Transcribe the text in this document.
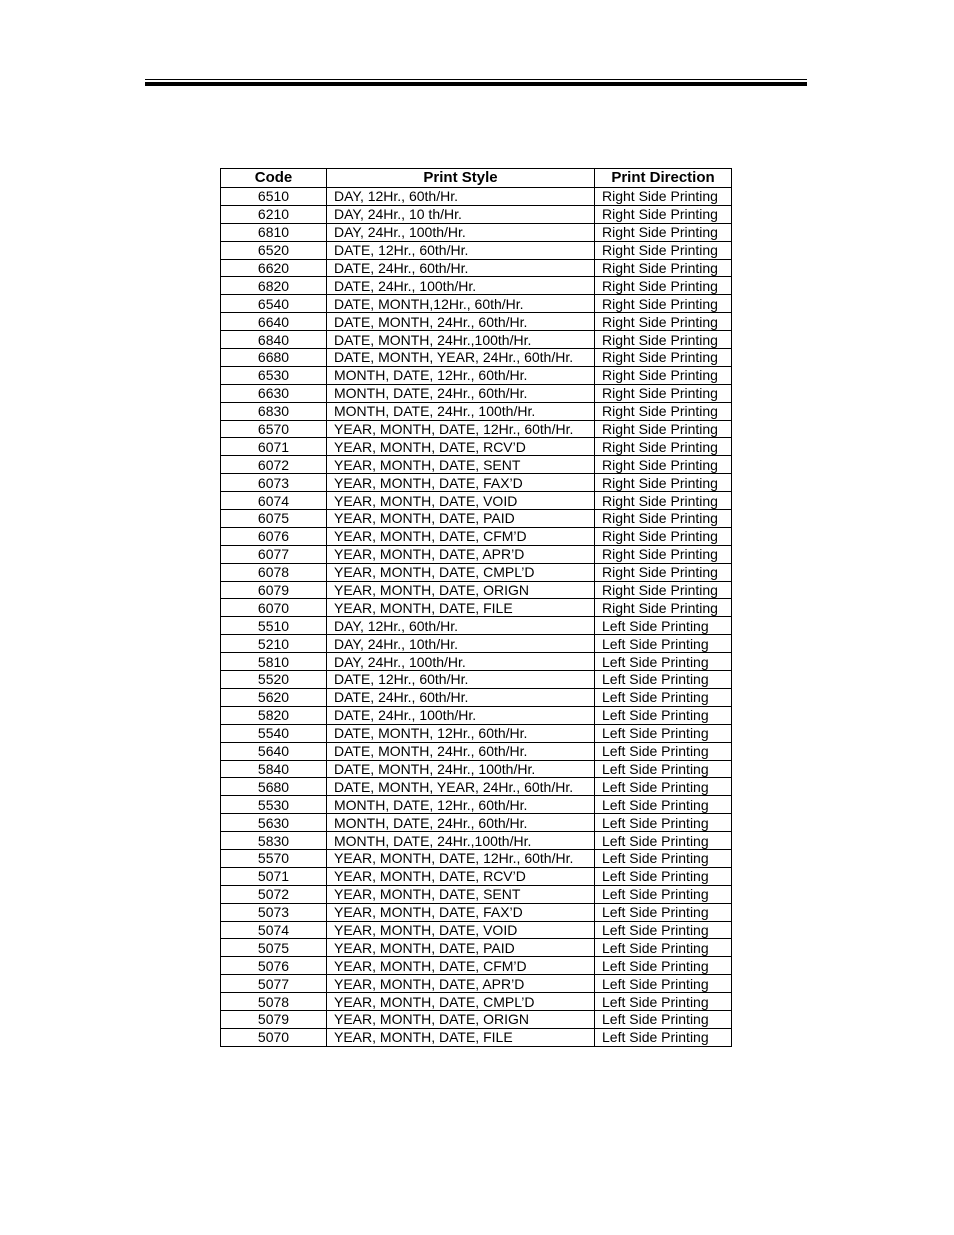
Code	Print Style	Print Direction
6510	DAY, 12Hr., 60th/Hr.	Right Side Printing
6210	DAY, 24Hr., 10 th/Hr.	Right Side Printing
6810	DAY, 24Hr., 100th/Hr.	Right Side Printing
6520	DATE, 12Hr., 60th/Hr.	Right Side Printing
6620	DATE, 24Hr., 60th/Hr.	Right Side Printing
6820	DATE, 24Hr., 100th/Hr.	Right Side Printing
6540	DATE, MONTH,12Hr., 60th/Hr.	Right Side Printing
6640	DATE, MONTH, 24Hr., 60th/Hr.	Right Side Printing
6840	DATE, MONTH, 24Hr.,100th/Hr.	Right Side Printing
6680	DATE, MONTH, YEAR, 24Hr., 60th/Hr.	Right Side Printing
6530	MONTH, DATE, 12Hr., 60th/Hr.	Right Side Printing
6630	MONTH, DATE, 24Hr., 60th/Hr.	Right Side Printing
6830	MONTH, DATE, 24Hr., 100th/Hr.	Right Side Printing
6570	YEAR, MONTH, DATE, 12Hr., 60th/Hr.	Right Side Printing
6071	YEAR, MONTH, DATE, RCV’D	Right Side Printing
6072	YEAR, MONTH, DATE, SENT	Right Side Printing
6073	YEAR, MONTH, DATE, FAX’D	Right Side Printing
6074	YEAR, MONTH, DATE, VOID	Right Side Printing
6075	YEAR, MONTH, DATE, PAID	Right Side Printing
6076	YEAR, MONTH, DATE, CFM’D	Right Side Printing
6077	YEAR, MONTH, DATE, APR’D	Right Side Printing
6078	YEAR, MONTH, DATE, CMPL’D	Right Side Printing
6079	YEAR, MONTH, DATE, ORIGN	Right Side Printing
6070	YEAR, MONTH, DATE, FILE	Right Side Printing
5510	DAY, 12Hr., 60th/Hr.	Left Side Printing
5210	DAY, 24Hr., 10th/Hr.	Left Side Printing
5810	DAY, 24Hr., 100th/Hr.	Left Side Printing
5520	DATE, 12Hr., 60th/Hr.	Left Side Printing
5620	DATE, 24Hr., 60th/Hr.	Left Side Printing
5820	DATE, 24Hr., 100th/Hr.	Left Side Printing
5540	DATE, MONTH, 12Hr., 60th/Hr.	Left Side Printing
5640	DATE, MONTH, 24Hr., 60th/Hr.	Left Side Printing
5840	DATE, MONTH, 24Hr., 100th/Hr.	Left Side Printing
5680	DATE, MONTH, YEAR, 24Hr., 60th/Hr.	Left Side Printing
5530	MONTH, DATE, 12Hr., 60th/Hr.	Left Side Printing
5630	MONTH, DATE, 24Hr., 60th/Hr.	Left Side Printing
5830	MONTH, DATE, 24Hr.,100th/Hr.	Left Side Printing
5570	YEAR, MONTH, DATE, 12Hr., 60th/Hr.	Left Side Printing
5071	YEAR, MONTH, DATE, RCV’D	Left Side Printing
5072	YEAR, MONTH, DATE, SENT	Left Side Printing
5073	YEAR, MONTH, DATE, FAX’D	Left Side Printing
5074	YEAR, MONTH, DATE, VOID	Left Side Printing
5075	YEAR, MONTH, DATE, PAID	Left Side Printing
5076	YEAR, MONTH, DATE, CFM’D	Left Side Printing
5077	YEAR, MONTH, DATE, APR’D	Left Side Printing
5078	YEAR, MONTH, DATE, CMPL’D	Left Side Printing
5079	YEAR, MONTH, DATE, ORIGN	Left Side Printing
5070	YEAR, MONTH, DATE, FILE	Left Side Printing
